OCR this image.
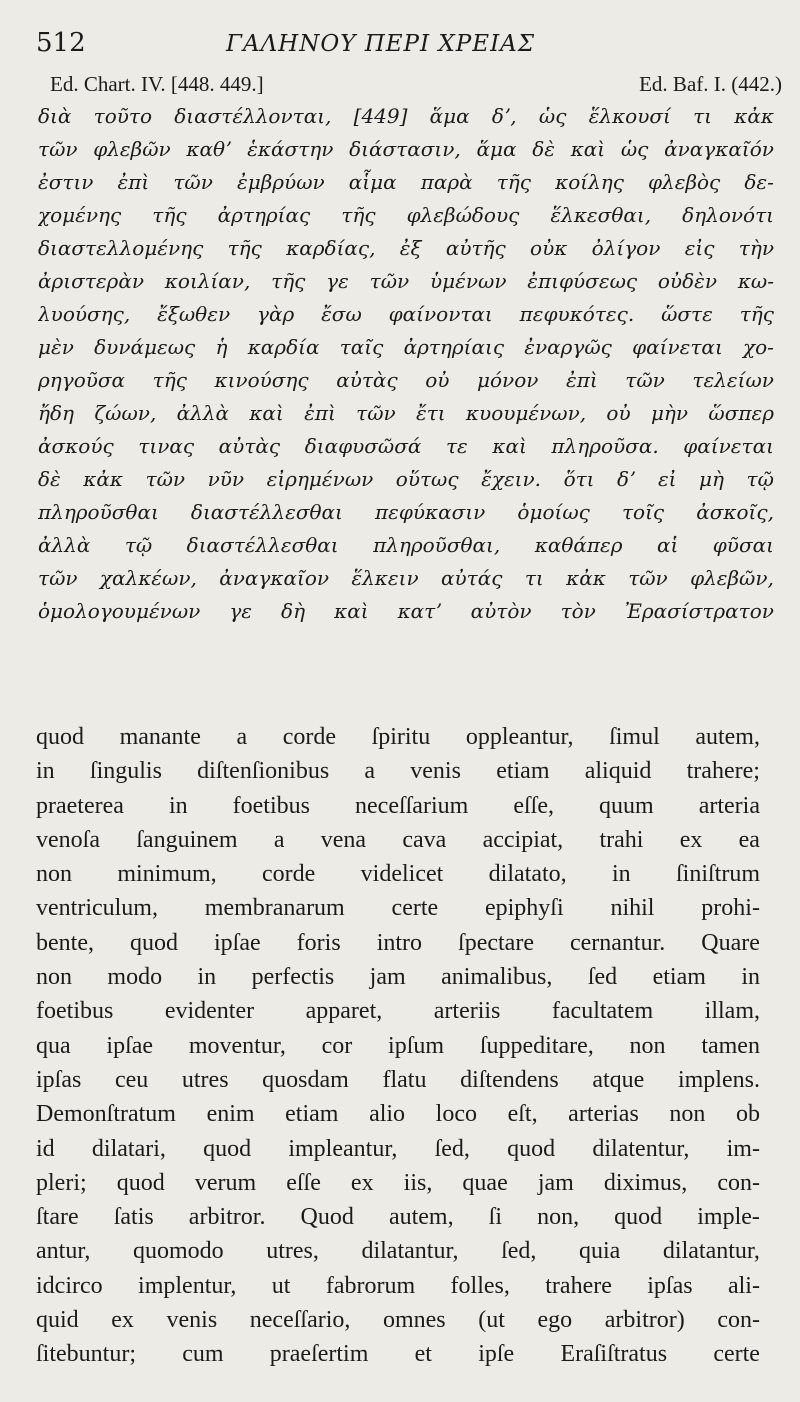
512	ΓΑΛΗΝΟΥ ΠΕΡΙ ΧΡΕΙΑΣ
Ed. Chart. IV. [448. 449.]	Ed. Baf. I. (442.)
διὰ τοῦτο διαστέλλονται, [449] ἅμα δʼ, ὡς ἕλκουσί τι κἀκ
τῶν φλεβῶν καθʼ ἑκάστην διάστασιν, ἅμα δὲ καὶ ὡς ἀναγκαῖόν
ἐστιν ἐπὶ τῶν ἐμβρύων αἷμα παρὰ τῆς κοίλης φλεβὸς δε-
χομένης τῆς ἀρτηρίας τῆς φλεβώδους ἕλκεσθαι, δηλονότι
διαστελλομένης τῆς καρδίας, ἐξ αὐτῆς οὐκ ὀλίγον εἰς τὴν
ἀριστερὰν κοιλίαν, τῆς γε τῶν ὑμένων ἐπιφύσεως οὐδὲν κω-
λυούσης, ἔξωθεν γὰρ ἔσω φαίνονται πεφυκότες. ὥστε τῆς
μὲν δυνάμεως ἡ καρδία ταῖς ἀρτηρίαις ἐναργῶς φαίνεται χο-
ρηγοῦσα τῆς κινούσης αὐτὰς οὐ μόνον ἐπὶ τῶν τελείων
ἤδη ζώων, ἀλλὰ καὶ ἐπὶ τῶν ἔτι κυουμένων, οὐ μὴν ὥσπερ
ἀσκούς τινας αὐτὰς διαφυσῶσά τε καὶ πληροῦσα. φαίνεται
δὲ κἀκ τῶν νῦν εἰρημένων οὕτως ἔχειν. ὅτι δʼ εἰ μὴ τῷ
πληροῦσθαι διαστέλλεσθαι πεφύκασιν ὁμοίως τοῖς ἀσκοῖς,
ἀλλὰ τῷ διαστέλλεσθαι πληροῦσθαι, καθάπερ αἱ φῦσαι
τῶν χαλκέων, ἀναγκαῖον ἕλκειν αὐτάς τι κἀκ τῶν φλεβῶν,
ὁμολογουμένων γε δὴ καὶ κατʼ αὐτὸν τὸν Ἐρασίστρατον
quod manante a corde ſpiritu oppleantur, ſimul autem,
in ſingulis diſtenſionibus a venis etiam aliquid trahere;
praeterea in foetibus neceſſarium eſſe, quum arteria
venoſa ſanguinem a vena cava accipiat, trahi ex ea
non minimum, corde videlicet dilatato, in ſiniſtrum
ventriculum, membranarum certe epiphyſi nihil prohi-
bente, quod ipſae foris intro ſpectare cernantur. Quare
non modo in perfectis jam animalibus, ſed etiam in
foetibus evidenter apparet, arteriis facultatem illam,
qua ipſae moventur, cor ipſum ſuppeditare, non tamen
ipſas ceu utres quosdam flatu diſtendens atque implens.
Demonſtratum enim etiam alio loco eſt, arterias non ob
id dilatari, quod impleantur, ſed, quod dilatentur, im-
pleri; quod verum eſſe ex iis, quae jam diximus, con-
ſtare ſatis arbitror. Quod autem, ſi non, quod imple-
antur, quomodo utres, dilatantur, ſed, quia dilatantur,
idcirco implentur, ut fabrorum folles, trahere ipſas ali-
quid ex venis neceſſario, omnes (ut ego arbitror) con-
ſitebuntur; cum praeſertim et ipſe Eraſiſtratus certe
